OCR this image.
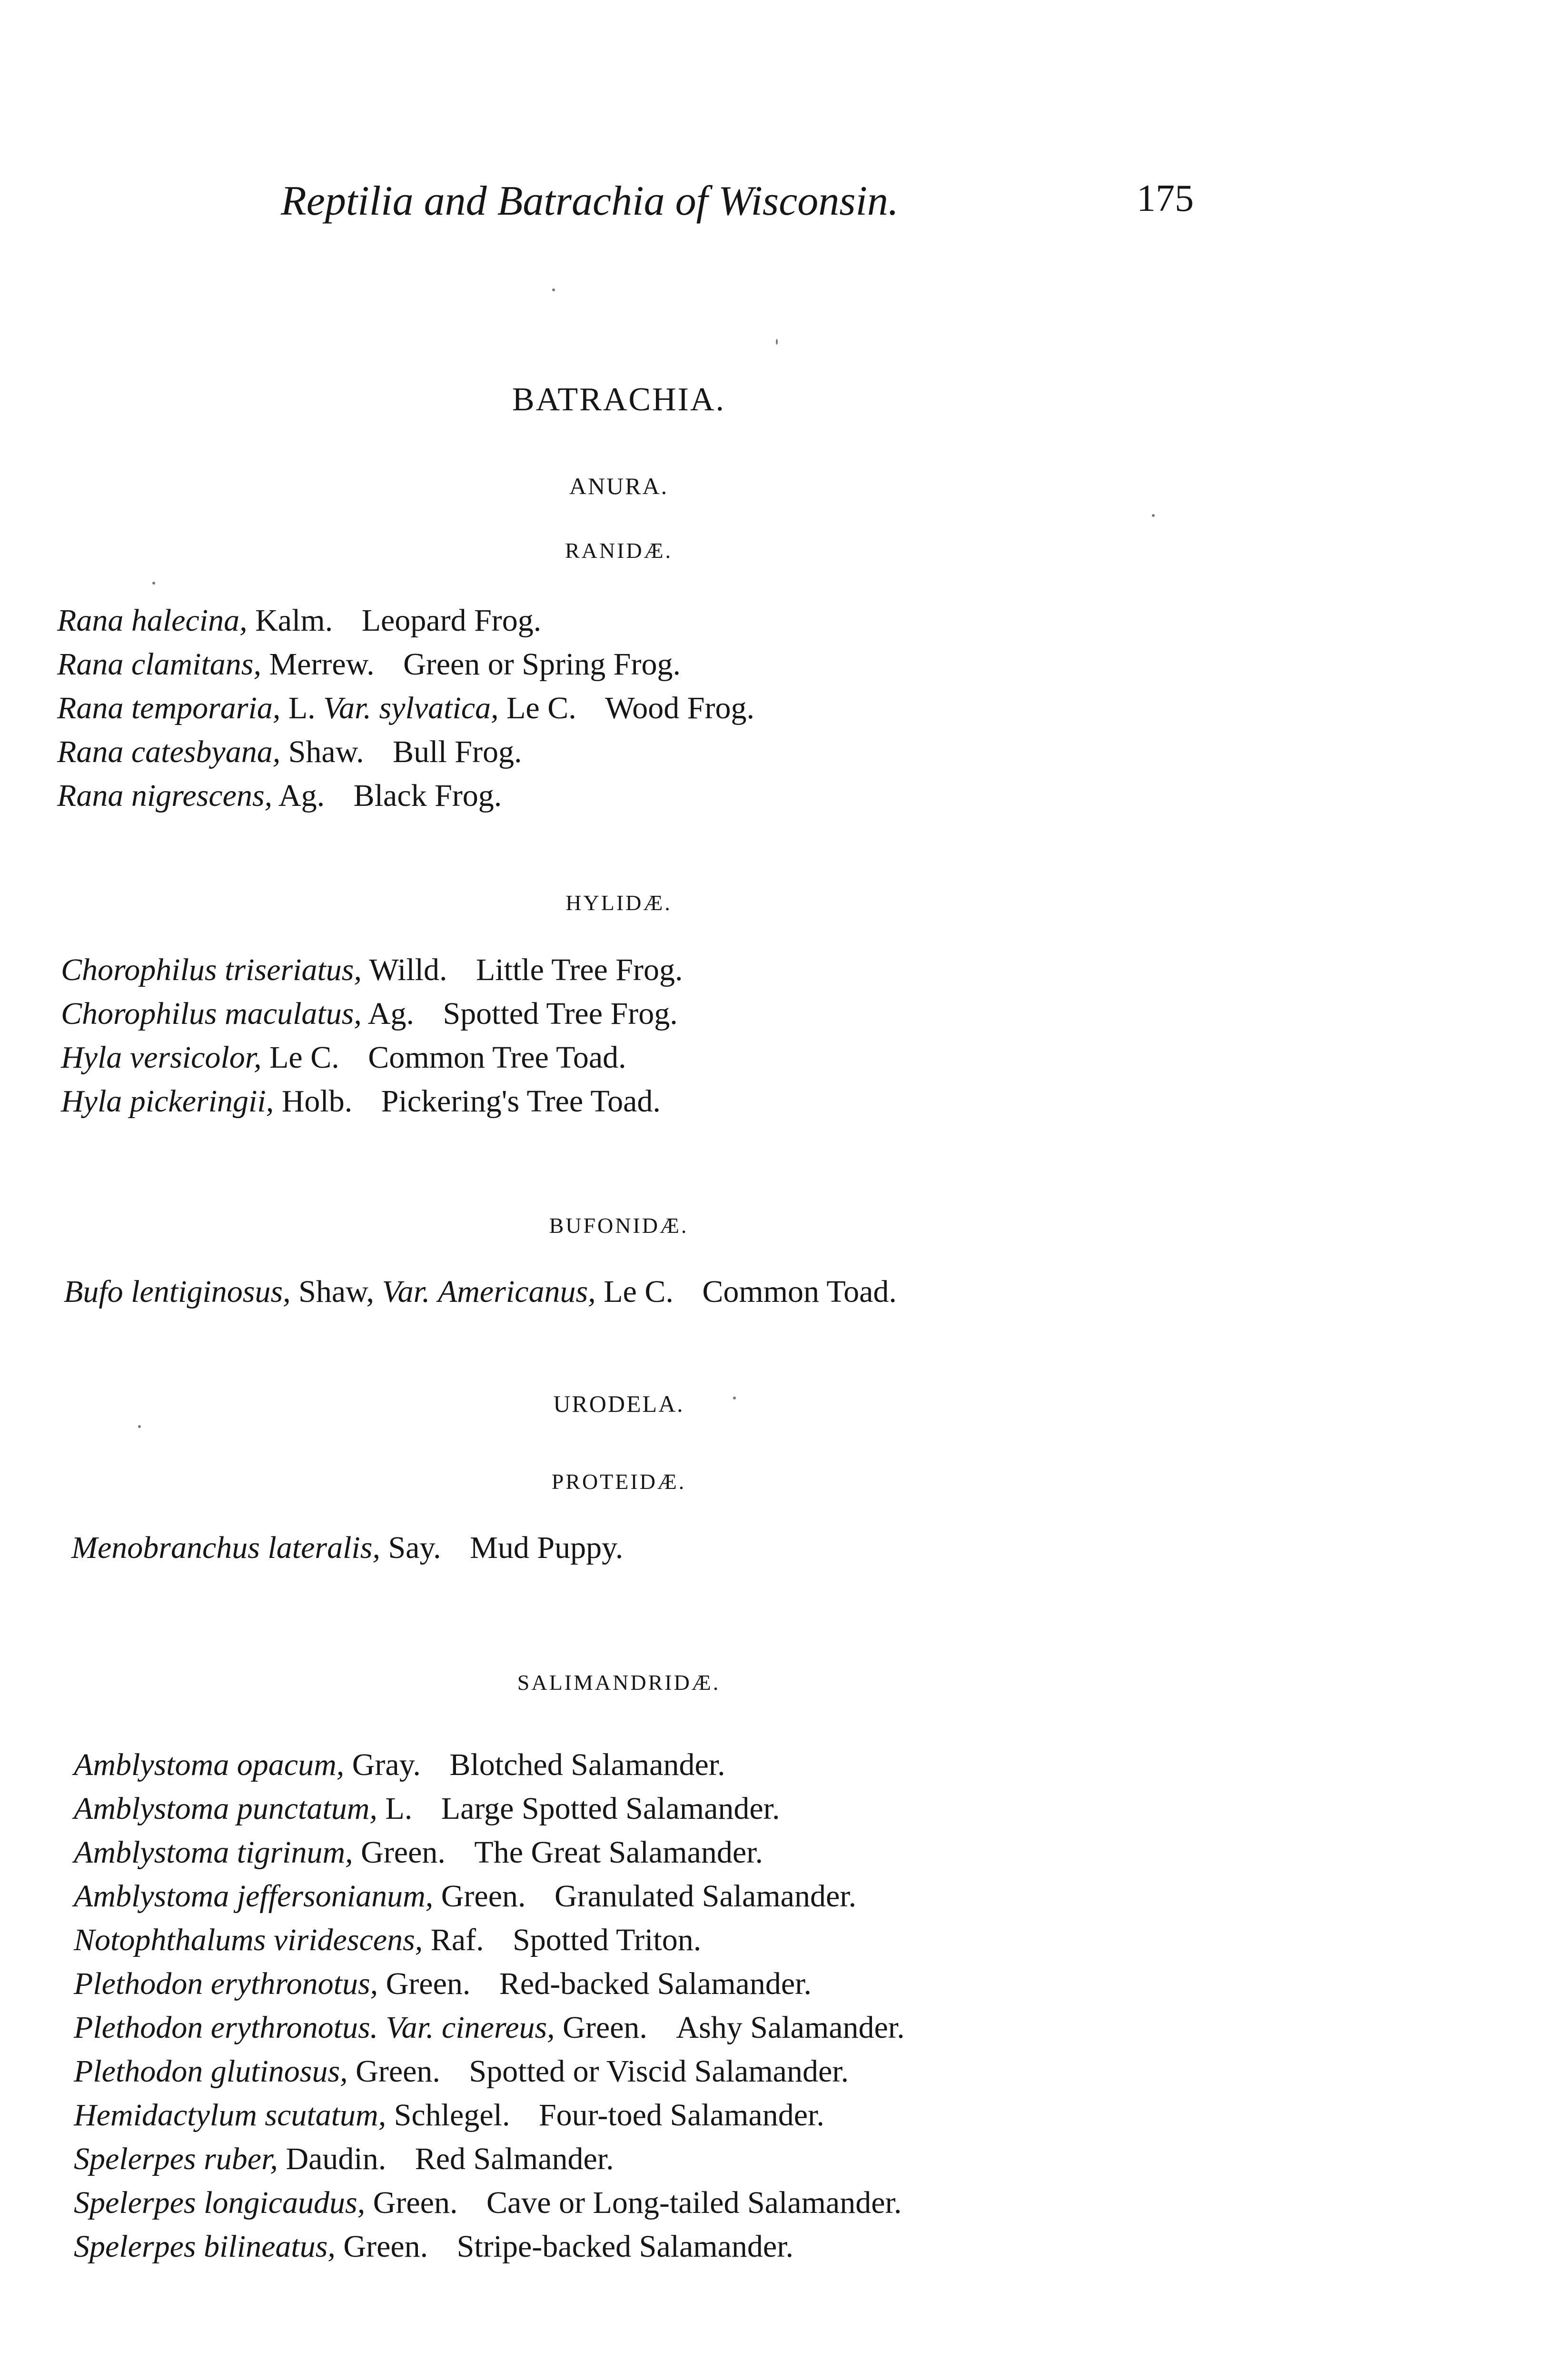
Reptilia and Batrachia of Wisconsin.	175
BATRACHIA.
ANURA.
RANIDÆ.
Rana halecina, Kalm. Leopard Frog.
Rana clamitans, Merrew. Green or Spring Frog.
Rana temporaria, L. Var. sylvatica, Le C. Wood Frog.
Rana catesbyana, Shaw. Bull Frog.
Rana nigrescens, Ag. Black Frog.
HYLIDÆ.
Chorophilus triseriatus, Willd. Little Tree Frog.
Chorophilus maculatus, Ag. Spotted Tree Frog.
Hyla versicolor, Le C. Common Tree Toad.
Hyla pickeringii, Holb. Pickering's Tree Toad.
BUFONIDÆ.
Bufo lentiginosus, Shaw, Var. Americanus, Le C. Common Toad.
URODELA.
PROTEIDÆ.
Menobranchus lateralis, Say. Mud Puppy.
SALIMANDRIDÆ.
Amblystoma opacum, Gray. Blotched Salamander.
Amblystoma punctatum, L. Large Spotted Salamander.
Amblystoma tigrinum, Green. The Great Salamander.
Amblystoma jeffersonianum, Green. Granulated Salamander.
Notophthalums viridescens, Raf. Spotted Triton.
Plethodon erythronotus, Green. Red-backed Salamander.
Plethodon erythronotus. Var. cinereus, Green. Ashy Salamander.
Plethodon glutinosus, Green. Spotted or Viscid Salamander.
Hemidactylum scutatum, Schlegel. Four-toed Salamander.
Spelerpes ruber, Daudin. Red Salmander.
Spelerpes longicaudus, Green. Cave or Long-tailed Salamander.
Spelerpes bilineatus, Green. Stripe-backed Salamander.
